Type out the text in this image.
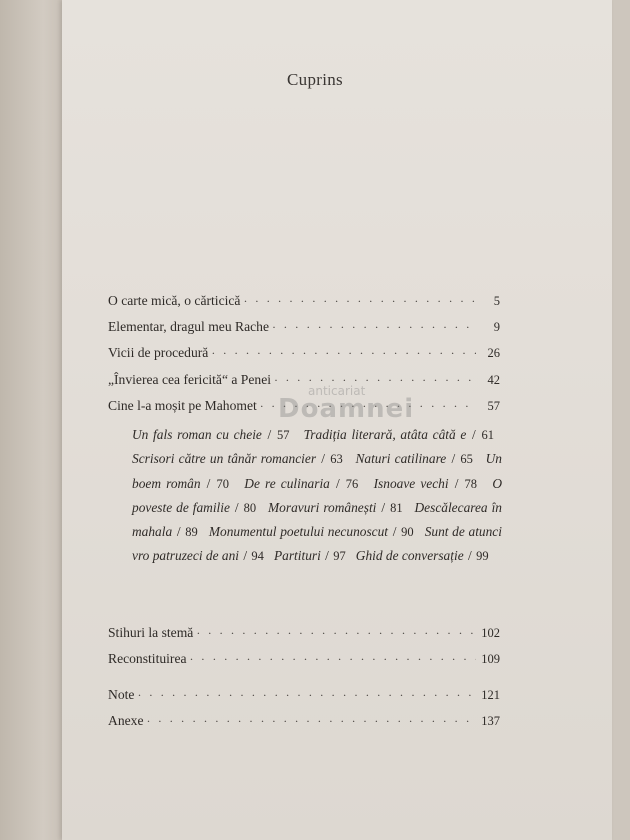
Cuprins
O carte mică, o cărticică · · ·	5
Elementar, dragul meu Rache · · ·	9
Vicii de procedură · · ·	26
„Învierea cea fericită“ a Penei · · ·	42
Cine l-a moșit pe Mahomet · · ·	57
Un fals roman cu cheie / 57 Tradiția literară, atâta câtă e / 61   Scrisori către un tânăr romancier / 63 Naturi catilinare / 65 Un boem român / 70 De re culinaria / 76 Isnoave vechi / 78 O poveste de familie / 80 Moravuri românești / 81 Descălecarea în mahala / 89 Monumentul poetului necunoscut / 90 Sunt de atunci vro patruzeci de ani / 94 Partituri / 97 Ghid de conversație / 99
Stihuri la stemă · · ·	102
Reconstituirea · · ·	109
Note · · ·	121
Anexe · · ·	137
anticariat
Doamnei
